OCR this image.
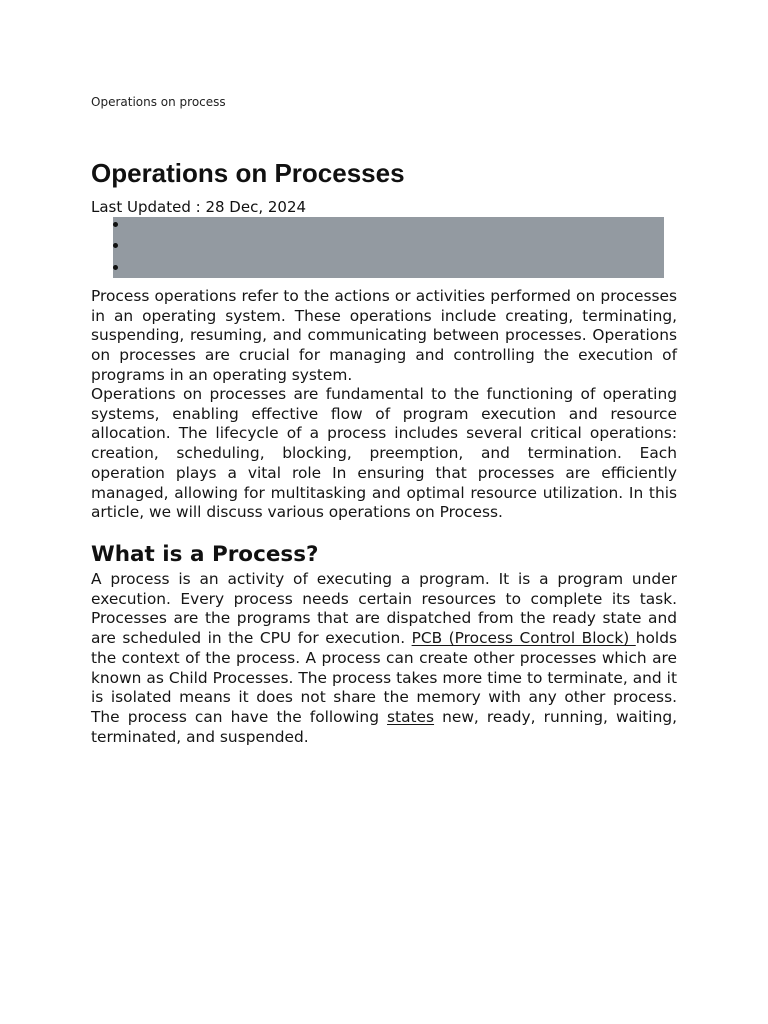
Operations on process
Operations on Processes
Last Updated : 28 Dec, 2024

Process operations refer to the actions or activities performed on processes in an operating system. These operations include creating, terminating, suspending, resuming, and communicating between processes. Operations on processes are crucial for managing and controlling the execution of programs in an operating system.

Operations on processes are fundamental to the functioning of operating systems, enabling effective flow of program execution and resource allocation. The lifecycle of a process includes several critical operations: creation, scheduling, blocking, preemption, and termination. Each operation plays a vital role In ensuring that processes are efficiently managed, allowing for multitasking and optimal resource utilization. In this article, we will discuss various operations on Process.

What is a Process?

A process is an activity of executing a program. It is a program under execution. Every process needs certain resources to complete its task. Processes are the programs that are dispatched from the ready state and are scheduled in the CPU for execution. PCB (Process Control Block) holds the context of the process. A process can create other processes which are known as Child Processes. The process takes more time to terminate, and it is isolated means it does not share the memory with any other process. The process can have the following states new, ready, running, waiting, terminated, and suspended.
